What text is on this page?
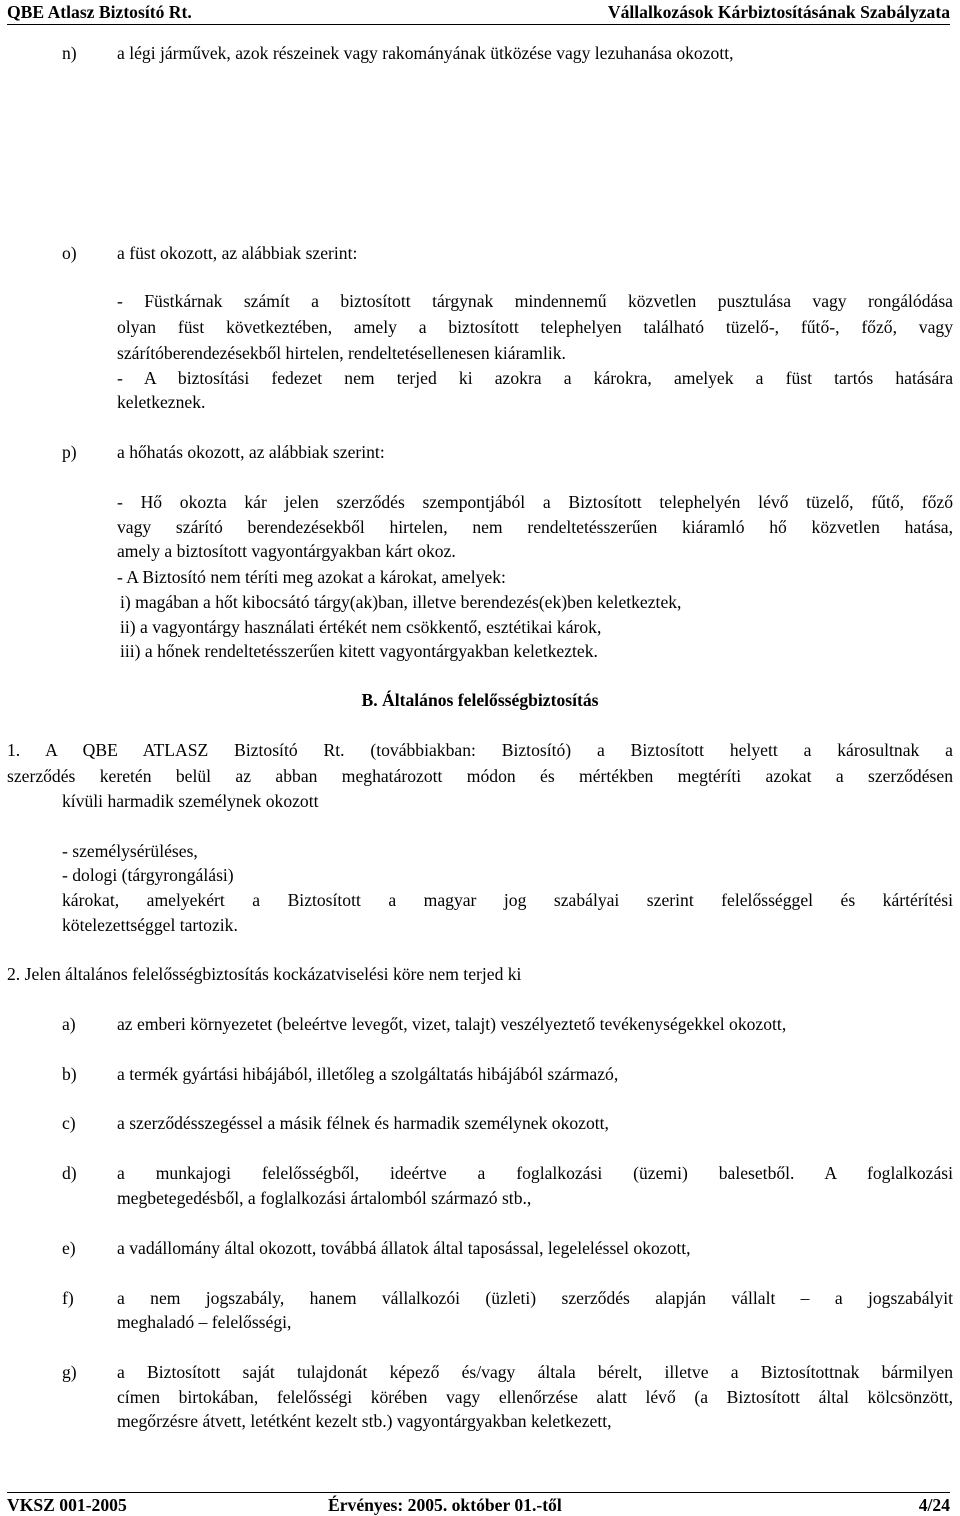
QBE Atlasz Biztosító Rt.	Vállalkozások Kárbiztosításának Szabályzata
n) a légi járművek, azok részeinek vagy rakományának ütközése vagy lezuhanása okozott,
o) a füst okozott, az alábbiak szerint:
- Füstkárnak számít a biztosított tárgynak mindennemű közvetlen pusztulása vagy rongálódása
olyan füst következtében, amely a biztosított telephelyen található tüzelő-, fűtő-, főző, vagy
szárítóberendezésekből hirtelen, rendeltetésellenesen kiáramlik.
- A biztosítási fedezet nem terjed ki azokra a károkra, amelyek a füst tartós hatására
keletkeznek.
p) a hőhatás okozott, az alábbiak szerint:
- Hő okozta kár jelen szerződés szempontjából a Biztosított telephelyén lévő tüzelő, fűtő, főző
vagy szárító berendezésekből hirtelen, nem rendeltetésszerűen kiáramló hő közvetlen hatása,
amely a biztosított vagyontárgyakban kárt okoz.
- A Biztosító nem téríti meg azokat a károkat, amelyek:
i) magában a hőt kibocsátó tárgy(ak)ban, illetve berendezés(ek)ben keletkeztek,
ii) a vagyontárgy használati értékét nem csökkentő, esztétikai károk,
iii) a hőnek rendeltetésszerűen kitett vagyontárgyakban keletkeztek.
B. Általános felelősségbiztosítás
1. A QBE ATLASZ Biztosító Rt. (továbbiakban: Biztosító) a Biztosított helyett a károsultnak a
szerződés keretén belül az abban meghatározott módon és mértékben megtéríti azokat a szerződésen
kívüli harmadik személynek okozott
- személysérüléses,
- dologi (tárgyrongálási)
károkat, amelyekért a Biztosított a magyar jog szabályai szerint felelősséggel és kártérítési
kötelezettséggel tartozik.
2. Jelen általános felelősségbiztosítás kockázatviselési köre nem terjed ki
a) az emberi környezetet (beleértve levegőt, vizet, talajt) veszélyeztető tevékenységekkel okozott,
b) a termék gyártási hibájából, illetőleg a szolgáltatás hibájából származó,
c) a szerződésszegéssel a másik félnek és harmadik személynek okozott,
d) a munkajogi felelősségből, ideértve a foglalkozási (üzemi) balesetből. A foglalkozási
megbetegedésből, a foglalkozási ártalomból származó stb.,
e) a vadállomány által okozott, továbbá állatok által taposással, legeleléssel okozott,
f) a nem jogszabály, hanem vállalkozói (üzleti) szerződés alapján vállalt – a jogszabályit
meghaladó – felelősségi,
g) a Biztosított saját tulajdonát képező és/vagy általa bérelt, illetve a Biztosítottnak bármilyen
címen birtokában, felelősségi körében vagy ellenőrzése alatt lévő (a Biztosított által kölcsönzött,
megőrzésre átvett, letétként kezelt stb.) vagyontárgyakban keletkezett,
VKSZ 001-2005	Érvényes: 2005. október 01.-től	4/24
